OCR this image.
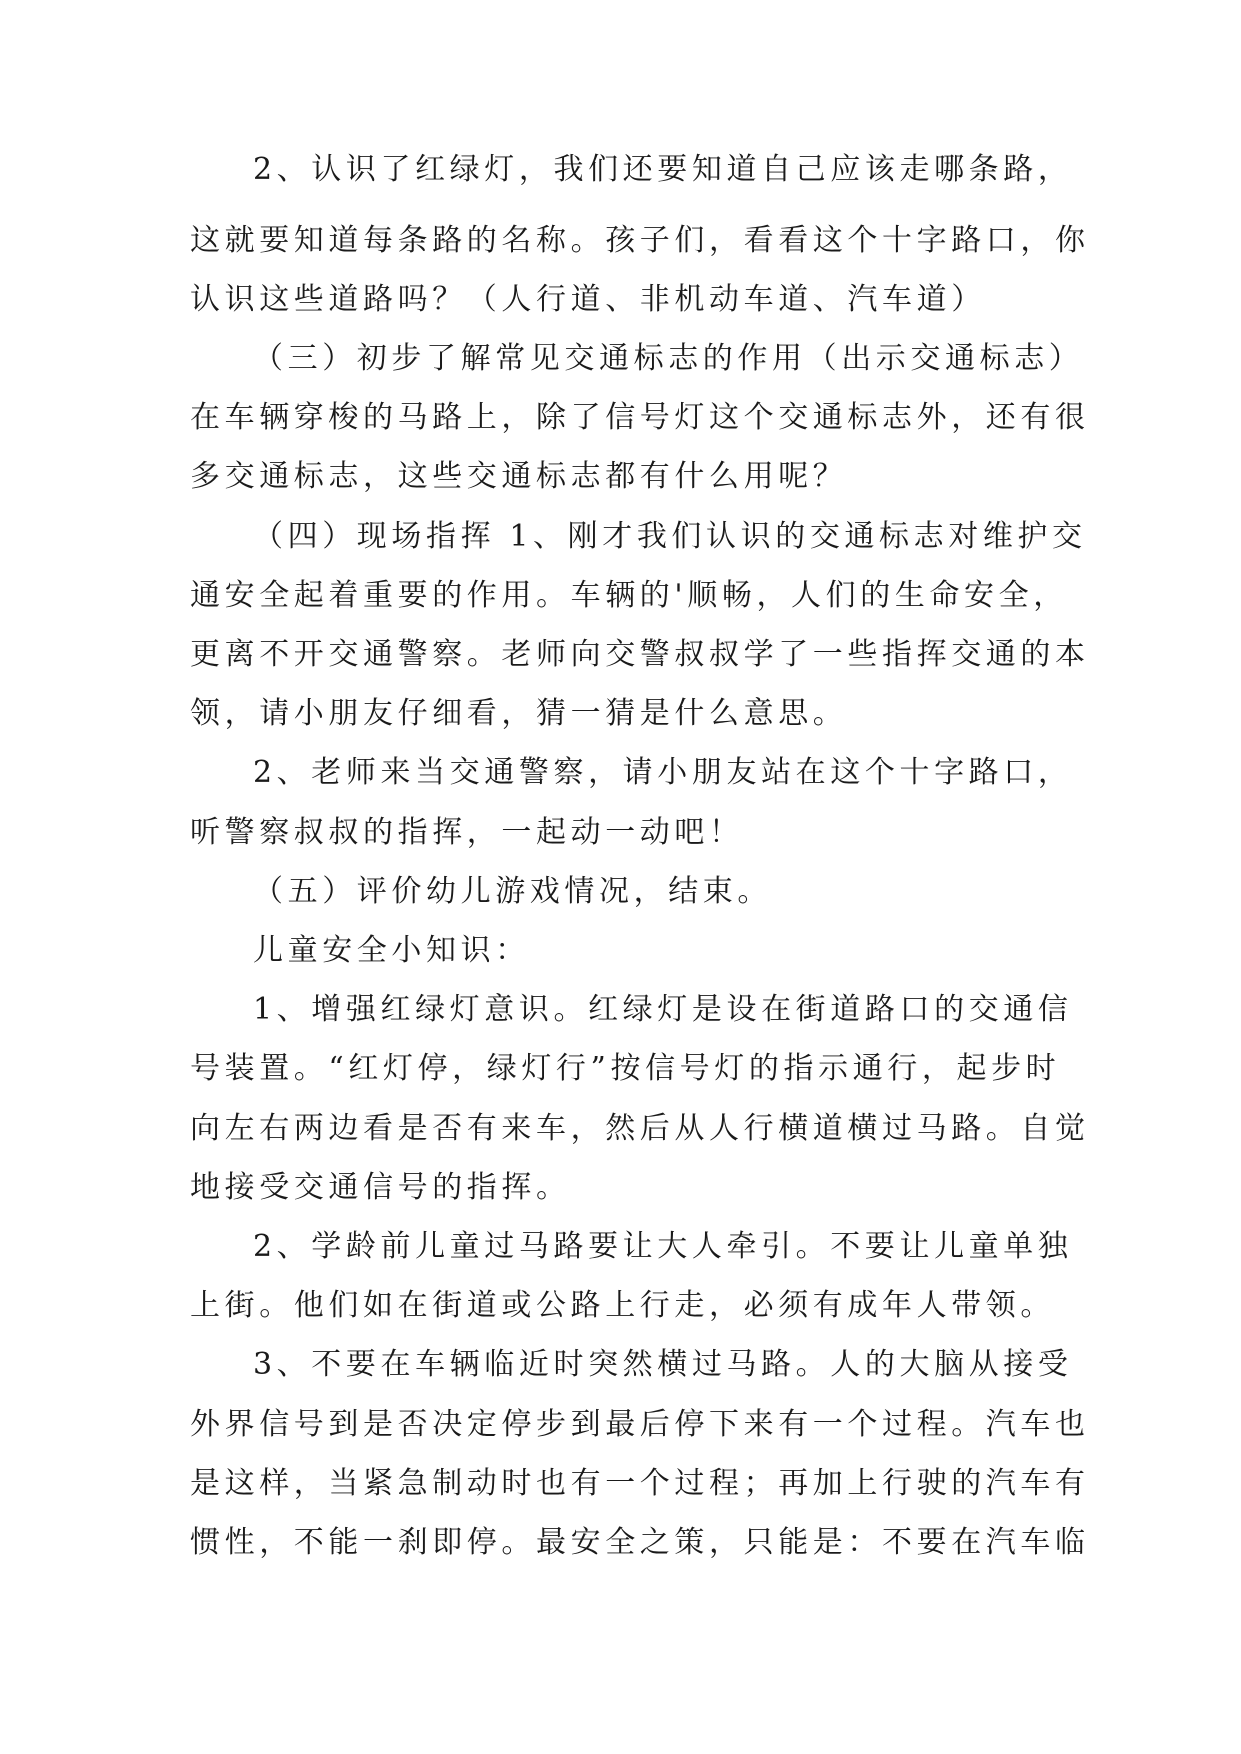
2、认识了红绿灯，我们还要知道自己应该走哪条路，
这就要知道每条路的名称。孩子们，看看这个十字路口，你
认识这些道路吗？（人行道、非机动车道、汽车道）
（三）初步了解常见交通标志的作用（出示交通标志）
在车辆穿梭的马路上，除了信号灯这个交通标志外，还有很
多交通标志，这些交通标志都有什么用呢？
（四）现场指挥 1、刚才我们认识的交通标志对维护交
通安全起着重要的作用。车辆的'顺畅，人们的生命安全，
更离不开交通警察。老师向交警叔叔学了一些指挥交通的本
领，请小朋友仔细看，猜一猜是什么意思。
2、老师来当交通警察，请小朋友站在这个十字路口，
听警察叔叔的指挥，一起动一动吧！
（五）评价幼儿游戏情况，结束。
儿童安全小知识：
1、增强红绿灯意识。红绿灯是设在街道路口的交通信
号装置。“红灯停，绿灯行”按信号灯的指示通行，起步时
向左右两边看是否有来车，然后从人行横道横过马路。自觉
地接受交通信号的指挥。
2、学龄前儿童过马路要让大人牵引。不要让儿童单独
上街。他们如在街道或公路上行走，必须有成年人带领。
3、不要在车辆临近时突然横过马路。人的大脑从接受
外界信号到是否决定停步到最后停下来有一个过程。汽车也
是这样，当紧急制动时也有一个过程；再加上行驶的汽车有
惯性，不能一刹即停。最安全之策，只能是：不要在汽车临
